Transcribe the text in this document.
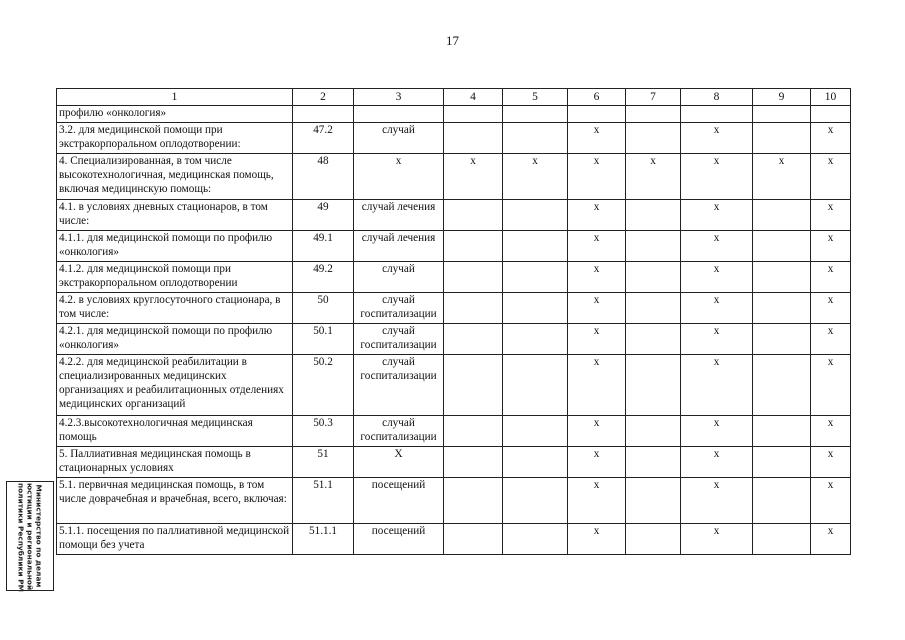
17
1	2	3	4	5	6	7	8	9	10
профилю «онкология»									
3.2. для медицинской помощи при экстракорпоральном оплодотворении:	47.2	случай			x		x		x
4. Специализированная, в том числе высокотехнологичная, медицинская помощь, включая медицинскую помощь:	48	x	x	x	x	x	x	x	x
4.1. в условиях дневных стационаров, в том числе:	49	случай лечения			x		x		x
4.1.1. для медицинской помощи по профилю «онкология»	49.1	случай лечения			x		x		x
4.1.2. для медицинской помощи при экстракорпоральном оплодотворении	49.2	случай			x		x		x
4.2. в условиях круглосуточного стационара, в том числе:	50	случай госпитализации			x		x		x
4.2.1. для медицинской помощи по профилю «онкология»	50.1	случай госпитализации			x		x		x
4.2.2. для медицинской реабилитации в специализированных медицинских организациях и реабилитационных отделениях медицинских организаций	50.2	случай госпитализации			x		x		x
4.2.3.высокотехнологичная медицинская помощь	50.3	случай госпитализации			x		x		x
5. Паллиативная медицинская помощь в стационарных условиях	51	Х			x		x		x
5.1. первичная медицинская помощь, в том числе доврачебная и врачебная, всего, включая:	51.1	посещений			x		x		x
5.1.1. посещения по паллиативной медицинской помощи без учета	51.1.1	посещений			x		x		x
Министерство по делам
юстиции и региональной
политики Республики РМ
